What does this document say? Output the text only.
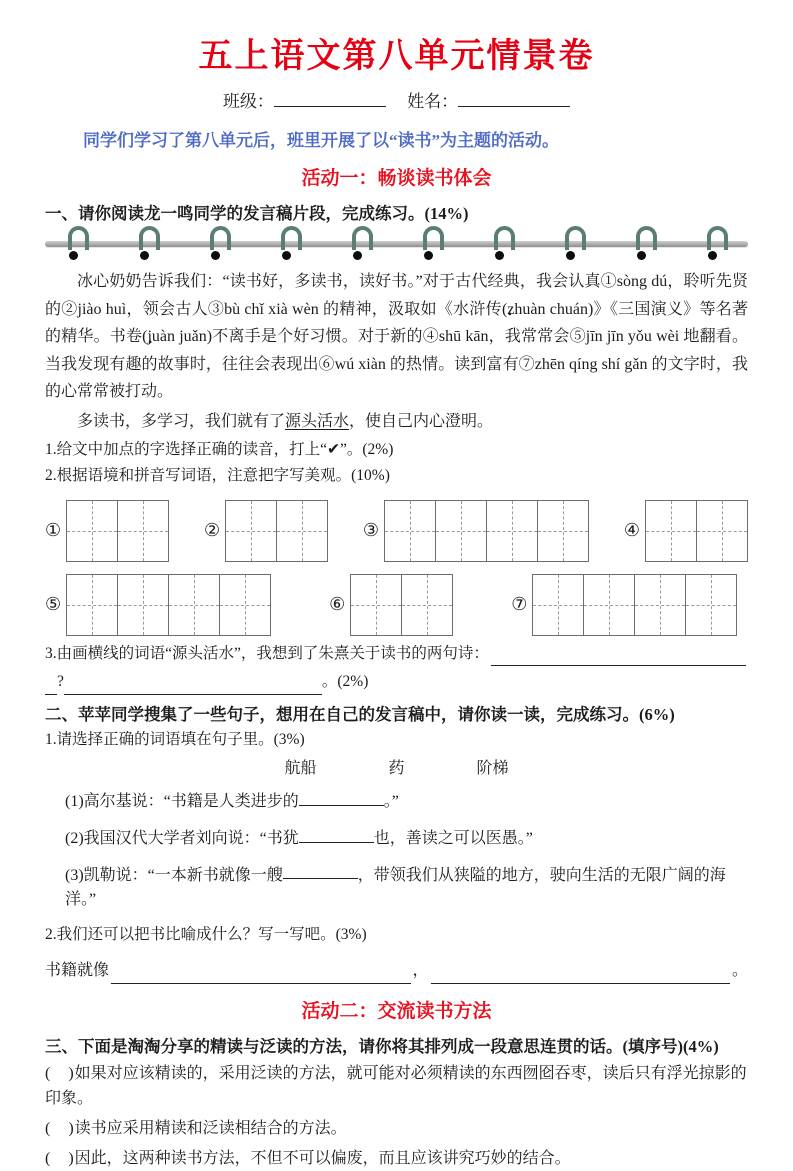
五上语文第八单元情景卷
班级：	姓名：
同学们学习了第八单元后，班里开展了以“读书”为主题的活动。
活动一：畅谈读书体会
一、请你阅读龙一鸣同学的发言稿片段，完成练习。(14%)

冰心奶奶告诉我们：“读书好，多读书，读好书。”对于古代经典，我会认真①sòng dú，聆听先贤的②jiào huì，领会古人③bù chǐ xià wèn 的精神，汲取如《水浒传(zhuàn chuán)》《三国演义》等名著的精华。书卷(juàn juǎn)不离手是个好习惯。对于新的④shū kān，我常常会⑤jīn jīn yǒu wèi 地翻看。当我发现有趣的故事时，往往会表现出⑥wú xiàn 的热情。读到富有⑦zhēn qíng shí gǎn 的文字时，我的心常常被打动。

多读书，多学习，我们就有了源头活水，使自己内心澄明。

1.给文中加点的字选择正确的读音，打上“✔”。(2%)
2.根据语境和拼音写词语，注意把字写美观。(10%)
①	②	③	④
⑤	⑥	⑦
3.由画横线的词语“源头活水”，我想到了朱熹关于读书的两句诗：
?	。(2%)
二、苹苹同学搜集了一些句子，想用在自己的发言稿中，请你读一读，完成练习。(6%)
1.请选择正确的词语填在句子里。(3%)
航船	药	阶梯
(1)高尔基说：“书籍是人类进步的	。”
(2)我国汉代大学者刘向说：“书犹	也，善读之可以医愚。”
(3)凯勒说：“一本新书就像一艘	，带领我们从狭隘的地方，驶向生活的无限广阔的海洋。”
2.我们还可以把书比喻成什么？写一写吧。(3%)
书籍就像	，	。
活动二：交流读书方法
三、下面是淘淘分享的精读与泛读的方法，请你将其排列成一段意思连贯的话。(填序号)(4%)
(　)如果对应该精读的，采用泛读的方法，就可能对必须精读的东西囫囵吞枣，读后只有浮光掠影的印象。
(　)读书应采用精读和泛读相结合的方法。
(　)因此，这两种读书方法，不但不可以偏废，而且应该讲究巧妙的结合。
